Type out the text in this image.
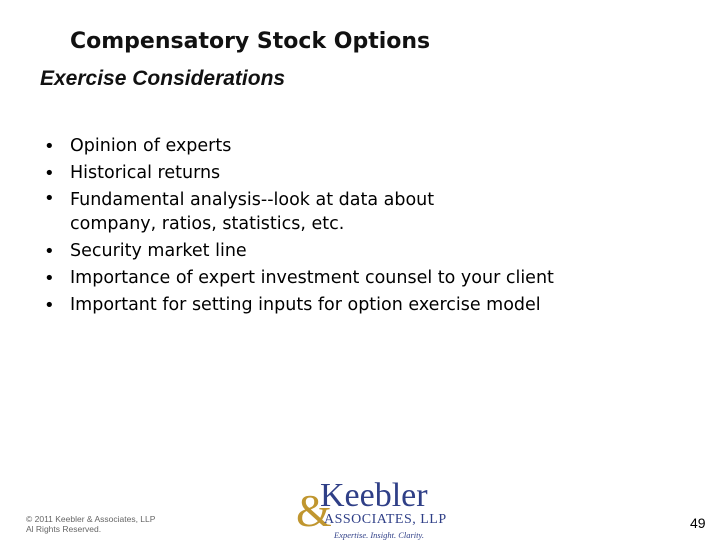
Compensatory Stock Options
Exercise Considerations
• Opinion of experts
• Historical returns
• Fundamental analysis--look at data about
company, ratios, statistics, etc.
• Security market line
• Importance of expert investment counsel to your client
• Important for setting inputs for option exercise model
© 2011 Keebler & Associates, LLP
Al Rights Reserved.	&
Keebler
ASSOCIATES, LLP
Expertise. Insight. Clarity.
49
